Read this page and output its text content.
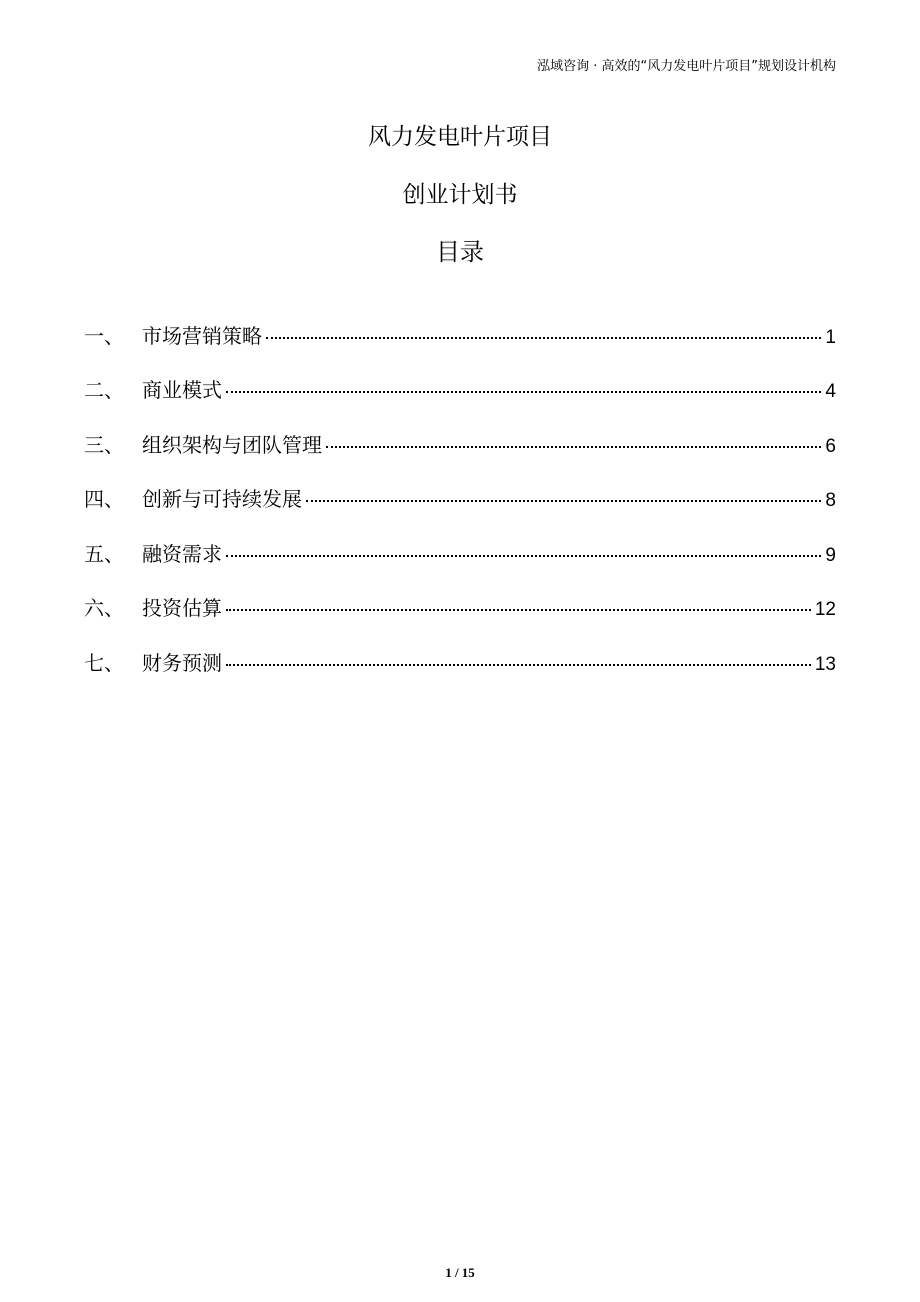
泓域咨询 · 高效的“风力发电叶片项目”规划设计机构
风力发电叶片项目
创业计划书
目录
一、 市场营销策略	1
二、 商业模式	4
三、 组织架构与团队管理	6
四、 创新与可持续发展	8
五、 融资需求	9
六、 投资估算	12
七、 财务预测	13
1 / 15
